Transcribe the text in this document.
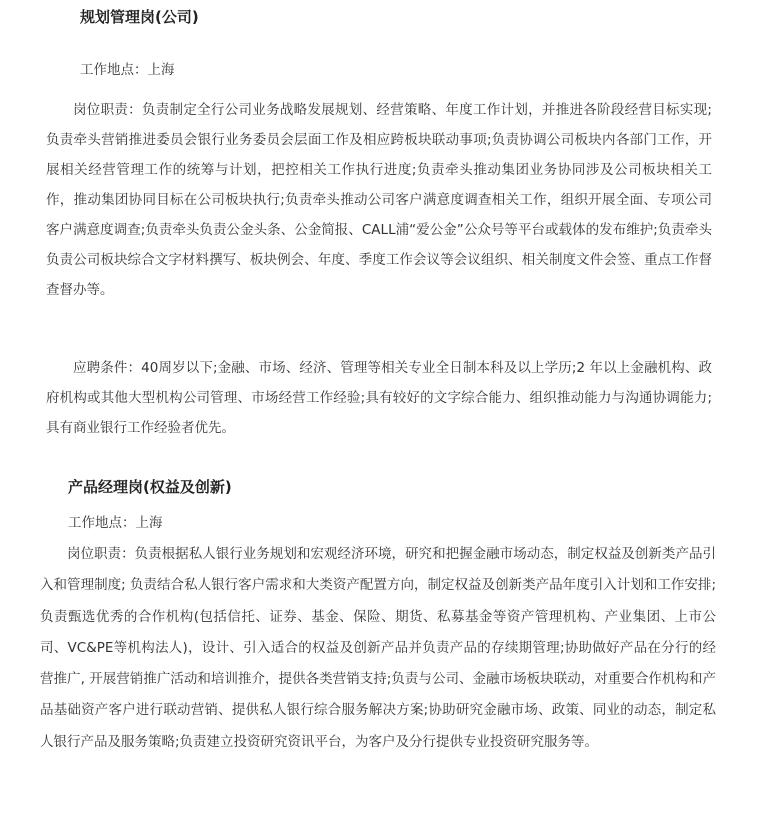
规划管理岗(公司)
工作地点：上海
岗位职责：负责制定全行公司业务战略发展规划、经营策略、年度工作计划，并推进各阶段经营目标实现;负责牵头营销推进委员会银行业务委员会层面工作及相应跨板块联动事项;负责协调公司板块内各部门工作，开展相关经营管理工作的统筹与计划，把控相关工作执行进度;负责牵头推动集团业务协同涉及公司板块相关工作，推动集团协同目标在公司板块执行;负责牵头推动公司客户满意度调查相关工作，组织开展全面、专项公司客户满意度调查;负责牵头负责公金头条、公金简报、CALL浦“爱公金”公众号等平台或载体的发布维护;负责牵头负责公司板块综合文字材料撰写、板块例会、年度、季度工作会议等会议组织、相关制度文件会签、重点工作督查督办等。
应聘条件：40周岁以下;金融、市场、经济、管理等相关专业全日制本科及以上学历;2 年以上金融机构、政府机构或其他大型机构公司管理、市场经营工作经验;具有较好的文字综合能力、组织推动能力与沟通协调能力;具有商业银行工作经验者优先。
产品经理岗(权益及创新)
工作地点：上海
岗位职责：负责根据私人银行业务规划和宏观经济环境，研究和把握金融市场动态，制定权益及创新类产品引入和管理制度; 负责结合私人银行客户需求和大类资产配置方向，制定权益及创新类产品年度引入计划和工作安排; 负责甄选优秀的合作机构(包括信托、证券、基金、保险、期货、私募基金等资产管理机构、产业集团、上市公司、VC&PE等机构法人)，设计、引入适合的权益及创新产品并负责产品的存续期管理;协助做好产品在分行的经营推广, 开展营销推广活动和培训推介，提供各类营销支持;负责与公司、金融市场板块联动，对重要合作机构和产品基础资产客户进行联动营销、提供私人银行综合服务解决方案;协助研究金融市场、政策、同业的动态，制定私人银行产品及服务策略;负责建立投资研究资讯平台，为客户及分行提供专业投资研究服务等。
